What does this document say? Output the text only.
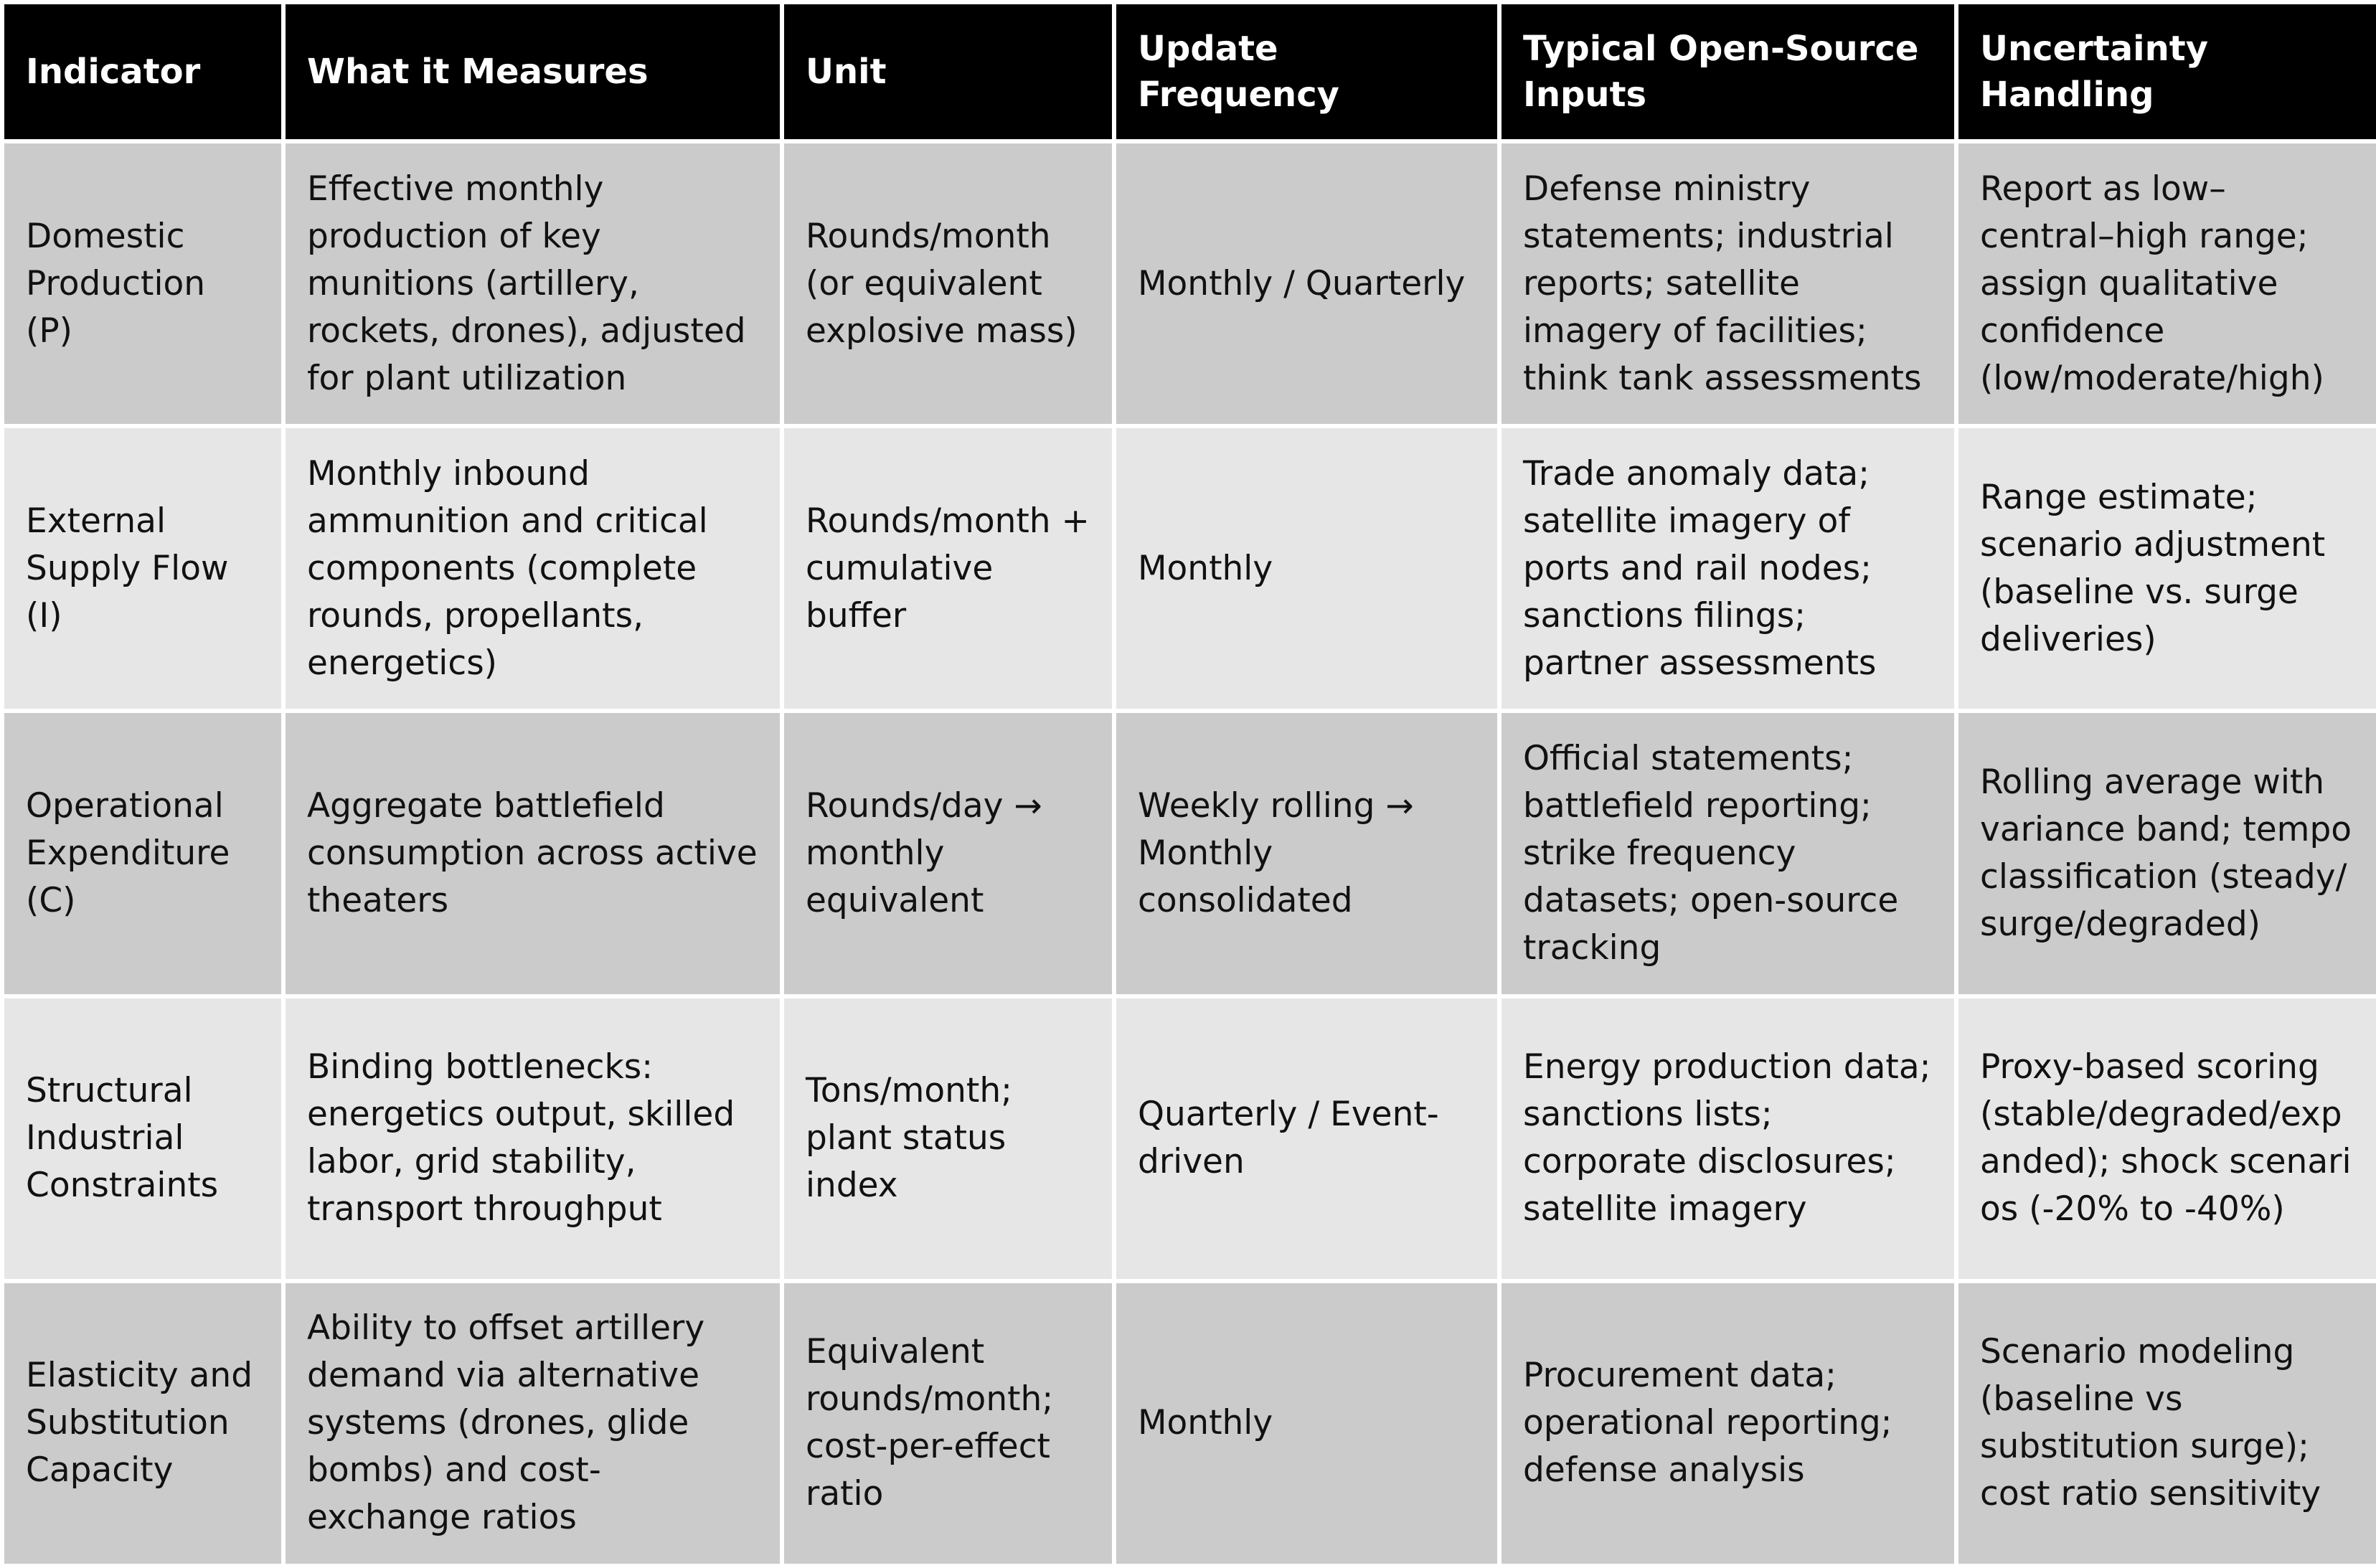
Indicator	What it Measures	Unit	Update Frequency	Typical Open-Source Inputs	Uncertainty Handling
Domestic Production (P)	Effective monthly production of key munitions (artillery, rockets, drones), adjusted for plant utilization	Rounds/month (or equivalent explosive mass)	Monthly / Quarterly	Defense ministry statements; industrial reports; satellite imagery of facilities; think tank assessments	Report as low–central–high range; assign qualitative confidence (low/moderate/high)
External Supply Flow (I)	Monthly inbound ammunition and critical components (complete rounds, propellants, energetics)	Rounds/month + cumulative buffer	Monthly	Trade anomaly data; satellite imagery of ports and rail nodes; sanctions filings; partner assessments	Range estimate; scenario adjustment (baseline vs. surge deliveries)
Operational Expenditure (C)	Aggregate battlefield consumption across active theaters	Rounds/day → monthly equivalent	Weekly rolling → Monthly consolidated	Official statements; battlefield reporting; strike frequency datasets; open-source tracking	Rolling average with variance band; tempo classification (steady/surge/degraded)
Structural Industrial Constraints	Binding bottlenecks: energetics output, skilled labor, grid stability, transport throughput	Tons/month; plant status index	Quarterly / Event-driven	Energy production data; sanctions lists; corporate disclosures; satellite imagery	Proxy-based scoring (stable/degraded/expanded); shock scenarios (-20% to -40%)
Elasticity and Substitution Capacity	Ability to offset artillery demand via alternative systems (drones, glide bombs) and cost-exchange ratios	Equivalent rounds/month; cost-per-effect ratio	Monthly	Procurement data; operational reporting; defense analysis	Scenario modeling (baseline vs substitution surge); cost ratio sensitivity
